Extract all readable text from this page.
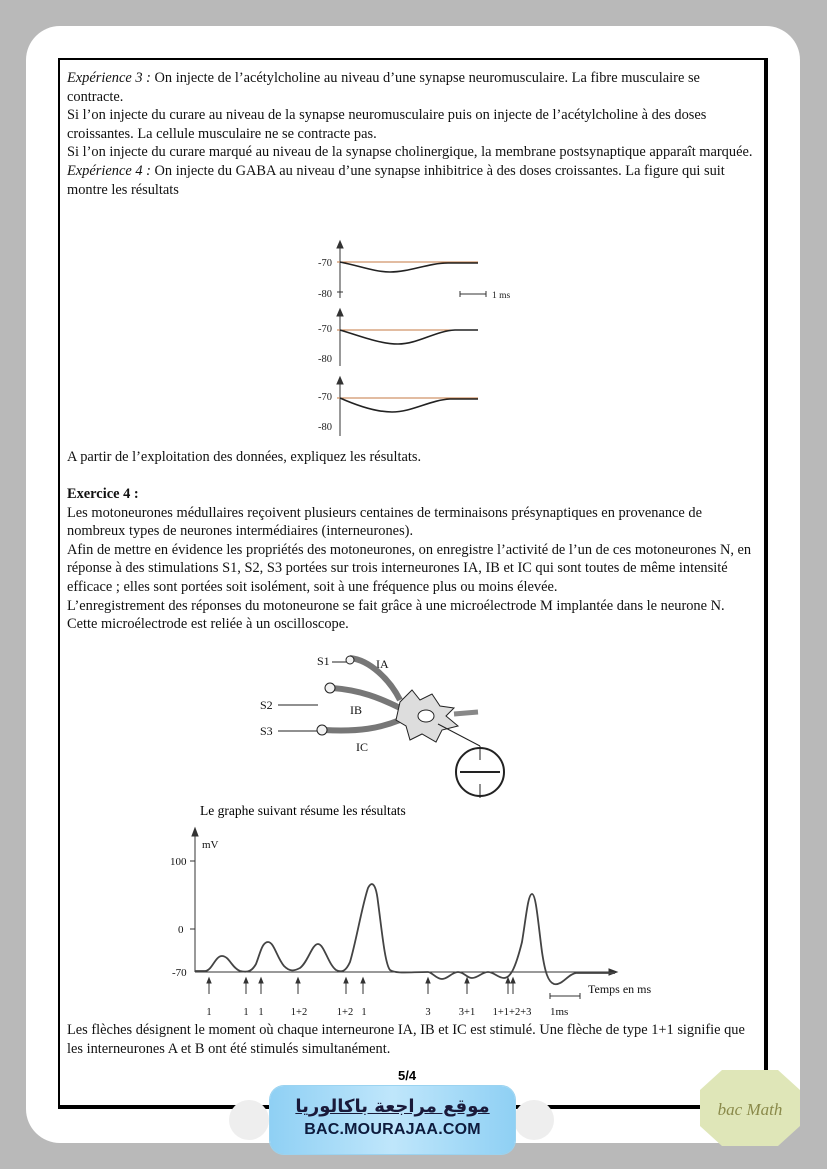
Expérience 3 : On injecte de l’acétylcholine au niveau d’une synapse neuromusculaire. La fibre musculaire se contracte.

Si l’on injecte du curare au niveau de la synapse neuromusculaire puis on injecte de l’acétylcholine à des doses croissantes. La cellule musculaire ne se contracte pas.

Si l’on injecte du curare marqué au niveau de la synapse cholinergique, la membrane postsynaptique apparaît marquée.

Expérience 4 : On injecte du GABA au niveau d’une synapse inhibitrice à des doses croissantes. La figure qui suit montre les résultats

-70
-80
-70
-80
-70
-80
1 ms

A partir de l’exploitation des données, expliquez les résultats.

Exercice 4 :

Les motoneurones médullaires reçoivent plusieurs centaines de terminaisons présynaptiques en provenance de nombreux types de neurones intermédiaires (interneurones).

Afin de mettre en évidence les propriétés des motoneurones, on enregistre l’activité de l’un de ces motoneurones N, en réponse à des stimulations S1, S2, S3 portées sur trois interneurones IA, IB et IC qui sont toutes de même intensité efficace ; elles sont portées soit isolément, soit à une fréquence plus ou moins élevée.

L’enregistrement des réponses du motoneurone se fait grâce à une microélectrode M implantée dans le neurone N. Cette microélectrode est reliée à un oscilloscope.

S1
S2
S3
IA
IB
IC
Le graphe suivant résume les résultats
mV
100
0
-70
Temps en ms
1ms
1	1 1	1+2	1+2 1	3	3+1 1+1+2+3

Les flèches désignent le moment où chaque interneurone IA, IB et IC est stimulé. Une flèche de type 1+1 signifie que les interneurones A et B ont été stimulés simultanément.

5/4
موقع مراجعة باكالوريا
BAC.MOURAJAA.COM
bac Math
